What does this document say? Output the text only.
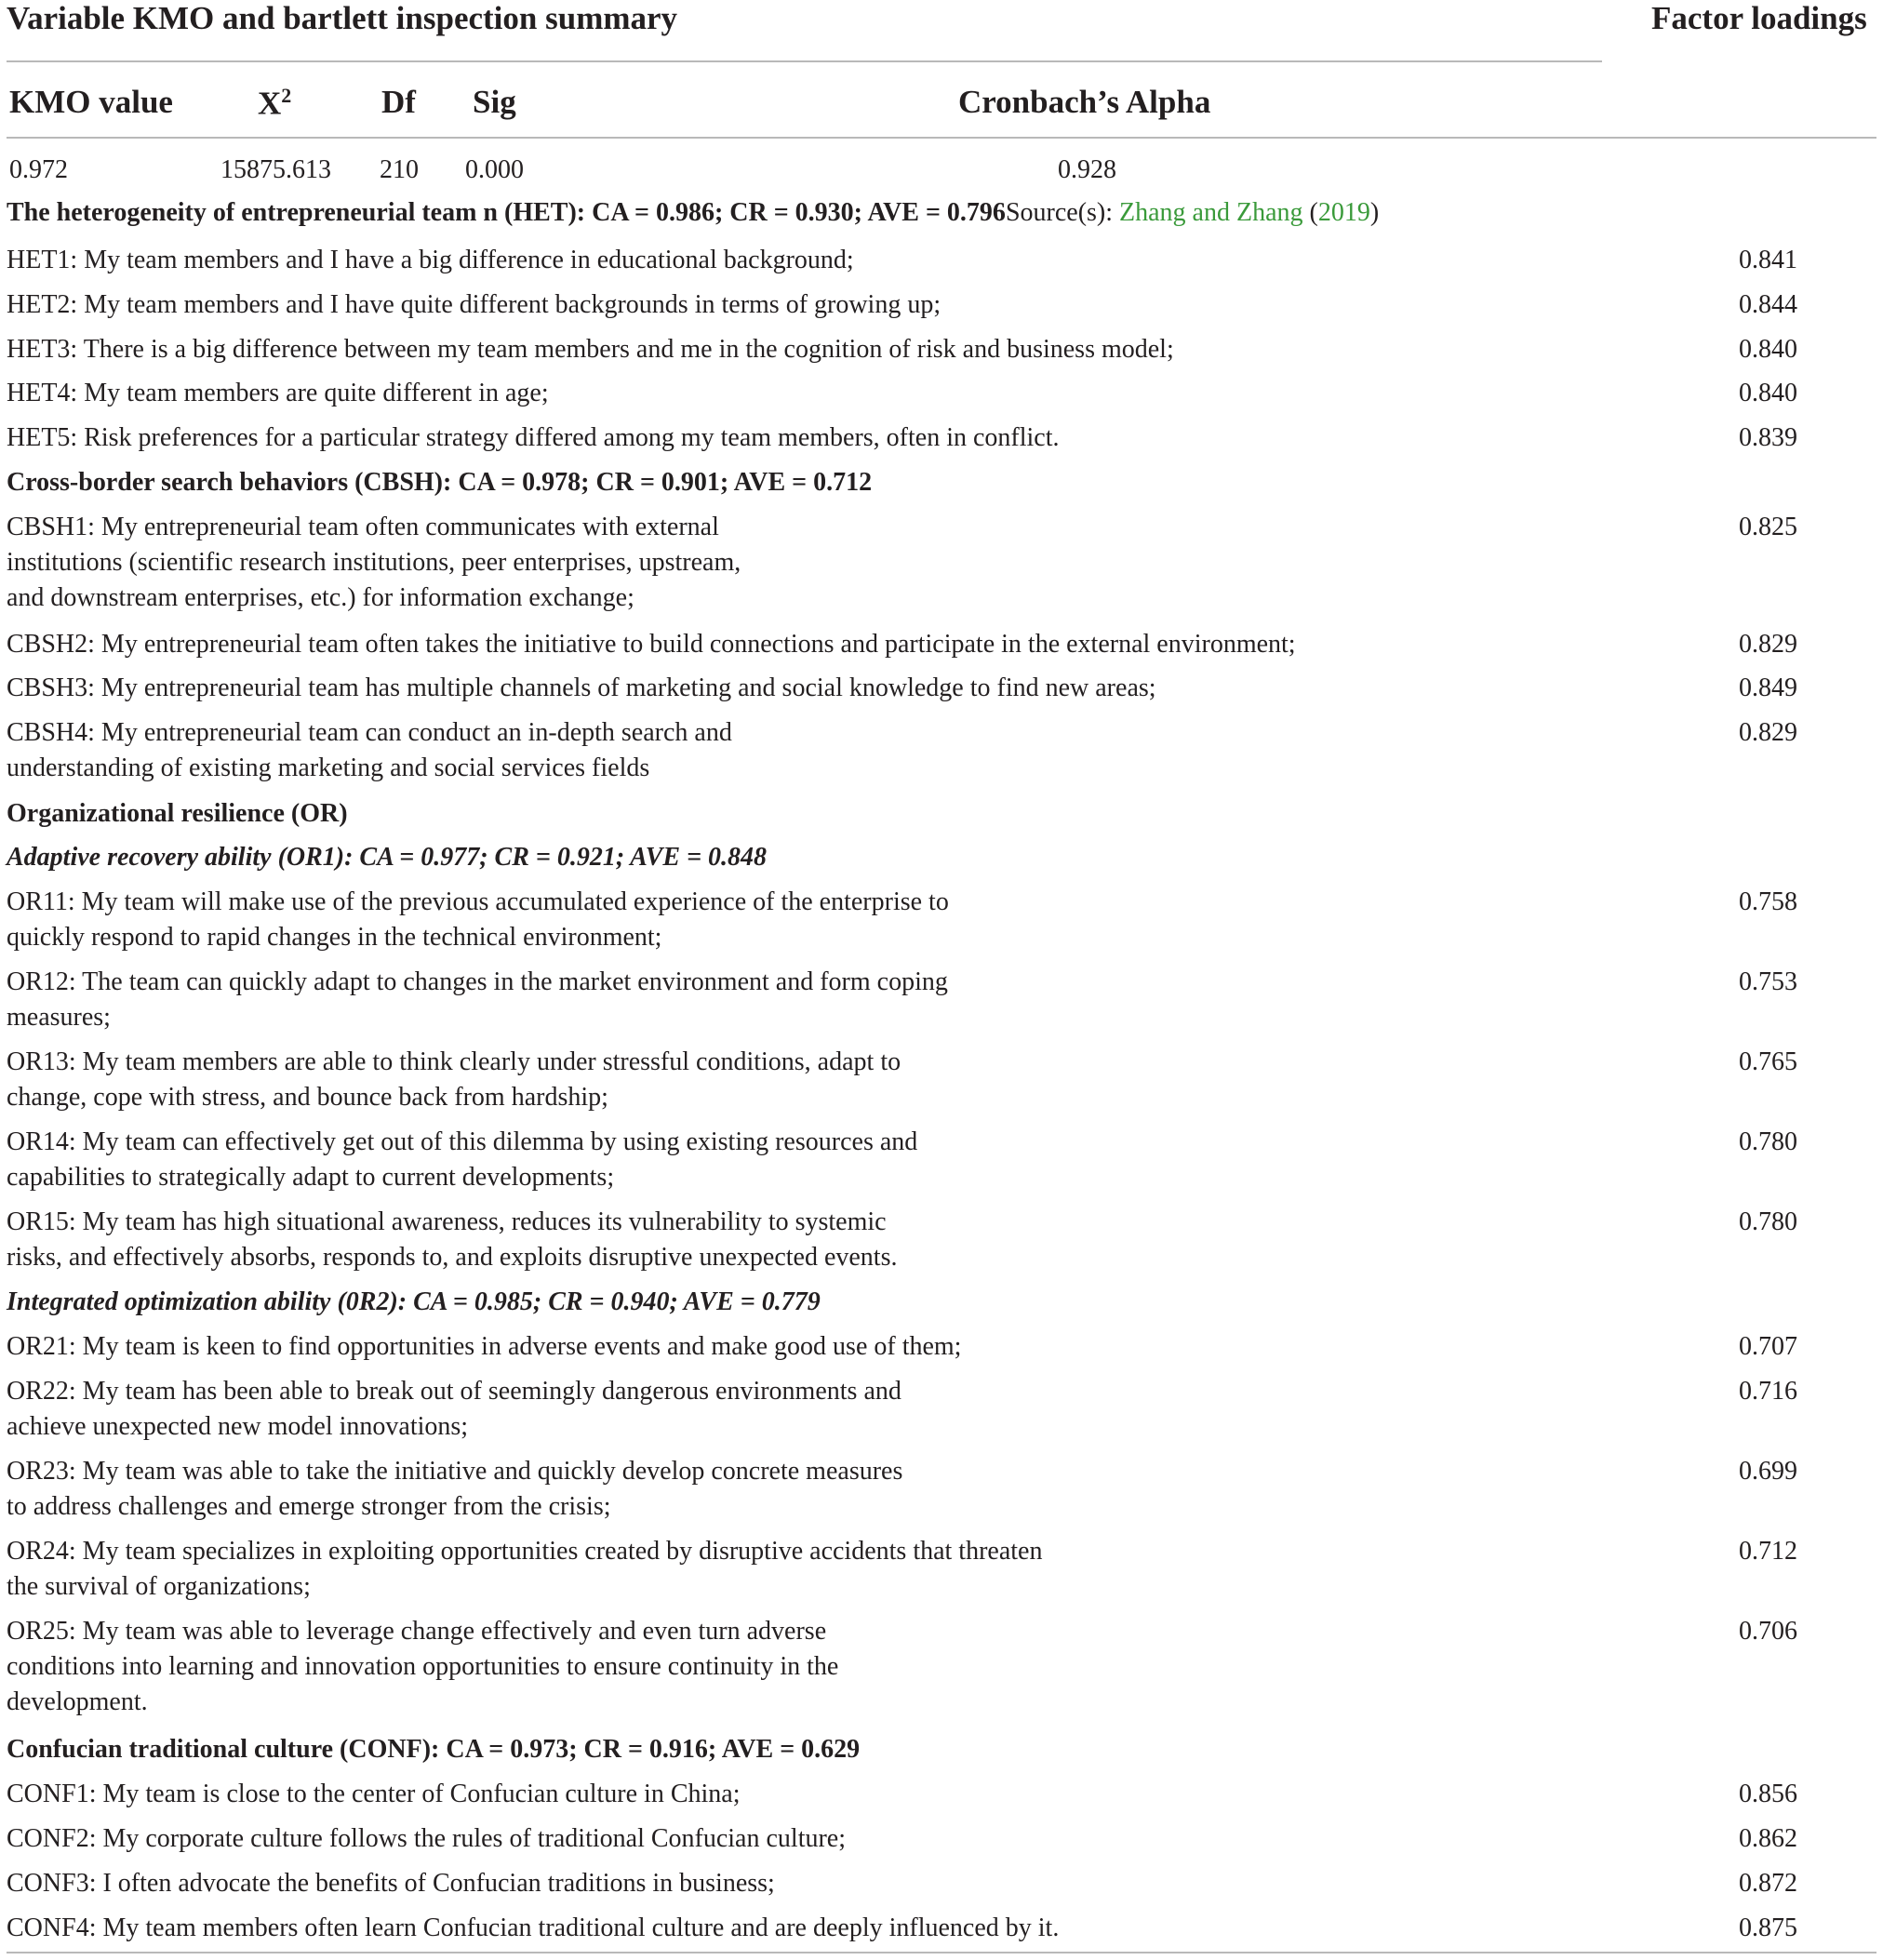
Variable KMO and bartlett inspection summary	Factor loadings
KMO value	$X^2$	Df Sig	Cronbach’s Alpha
0.972	15875.613 210 0.000	0.928
The heterogeneity of entrepreneurial team n (HET): CA = 0.986; CR = 0.930; AVE = 0.796Source(s): Zhang and Zhang (2019)
HET1: My team members and I have a big difference in educational background;	0.841
HET2: My team members and I have quite different backgrounds in terms of growing up;	0.844
HET3: There is a big difference between my team members and me in the cognition of risk and business model;	0.840
HET4: My team members are quite different in age;	0.840
HET5: Risk preferences for a particular strategy differed among my team members, often in conflict.	0.839
Cross-border search behaviors (CBSH): CA = 0.978; CR = 0.901; AVE = 0.712
CBSH1: My entrepreneurial team often communicates with external
institutions (scientific research institutions, peer enterprises, upstream,
and downstream enterprises, etc.) for information exchange;
0.825
CBSH2: My entrepreneurial team often takes the initiative to build connections and participate in the external environment;	0.829
CBSH3: My entrepreneurial team has multiple channels of marketing and social knowledge to find new areas;	0.849
CBSH4: My entrepreneurial team can conduct an in-depth search and
understanding of existing marketing and social services fields
0.829
Organizational resilience (OR)
Adaptive recovery ability (OR1): CA = 0.977; CR = 0.921; AVE = 0.848
OR11: My team will make use of the previous accumulated experience of the enterprise to
quickly respond to rapid changes in the technical environment;
0.758
OR12: The team can quickly adapt to changes in the market environment and form coping
measures;
0.753
OR13: My team members are able to think clearly under stressful conditions, adapt to
change, cope with stress, and bounce back from hardship;
0.765
OR14: My team can effectively get out of this dilemma by using existing resources and
capabilities to strategically adapt to current developments;
0.780
OR15: My team has high situational awareness, reduces its vulnerability to systemic
risks, and effectively absorbs, responds to, and exploits disruptive unexpected events.
0.780
Integrated optimization ability (0R2): CA = 0.985; CR = 0.940; AVE = 0.779
OR21: My team is keen to find opportunities in adverse events and make good use of them;	0.707
OR22: My team has been able to break out of seemingly dangerous environments and
achieve unexpected new model innovations;
0.716
OR23: My team was able to take the initiative and quickly develop concrete measures
to address challenges and emerge stronger from the crisis;
0.699
OR24: My team specializes in exploiting opportunities created by disruptive accidents that threaten
the survival of organizations;
0.712
OR25: My team was able to leverage change effectively and even turn adverse
conditions into learning and innovation opportunities to ensure continuity in the
development.
0.706
Confucian traditional culture (CONF): CA = 0.973; CR = 0.916; AVE = 0.629
CONF1: My team is close to the center of Confucian culture in China;	0.856
CONF2: My corporate culture follows the rules of traditional Confucian culture;	0.862
CONF3: I often advocate the benefits of Confucian traditions in business;	0.872
CONF4: My team members often learn Confucian traditional culture and are deeply influenced by it.	0.875
